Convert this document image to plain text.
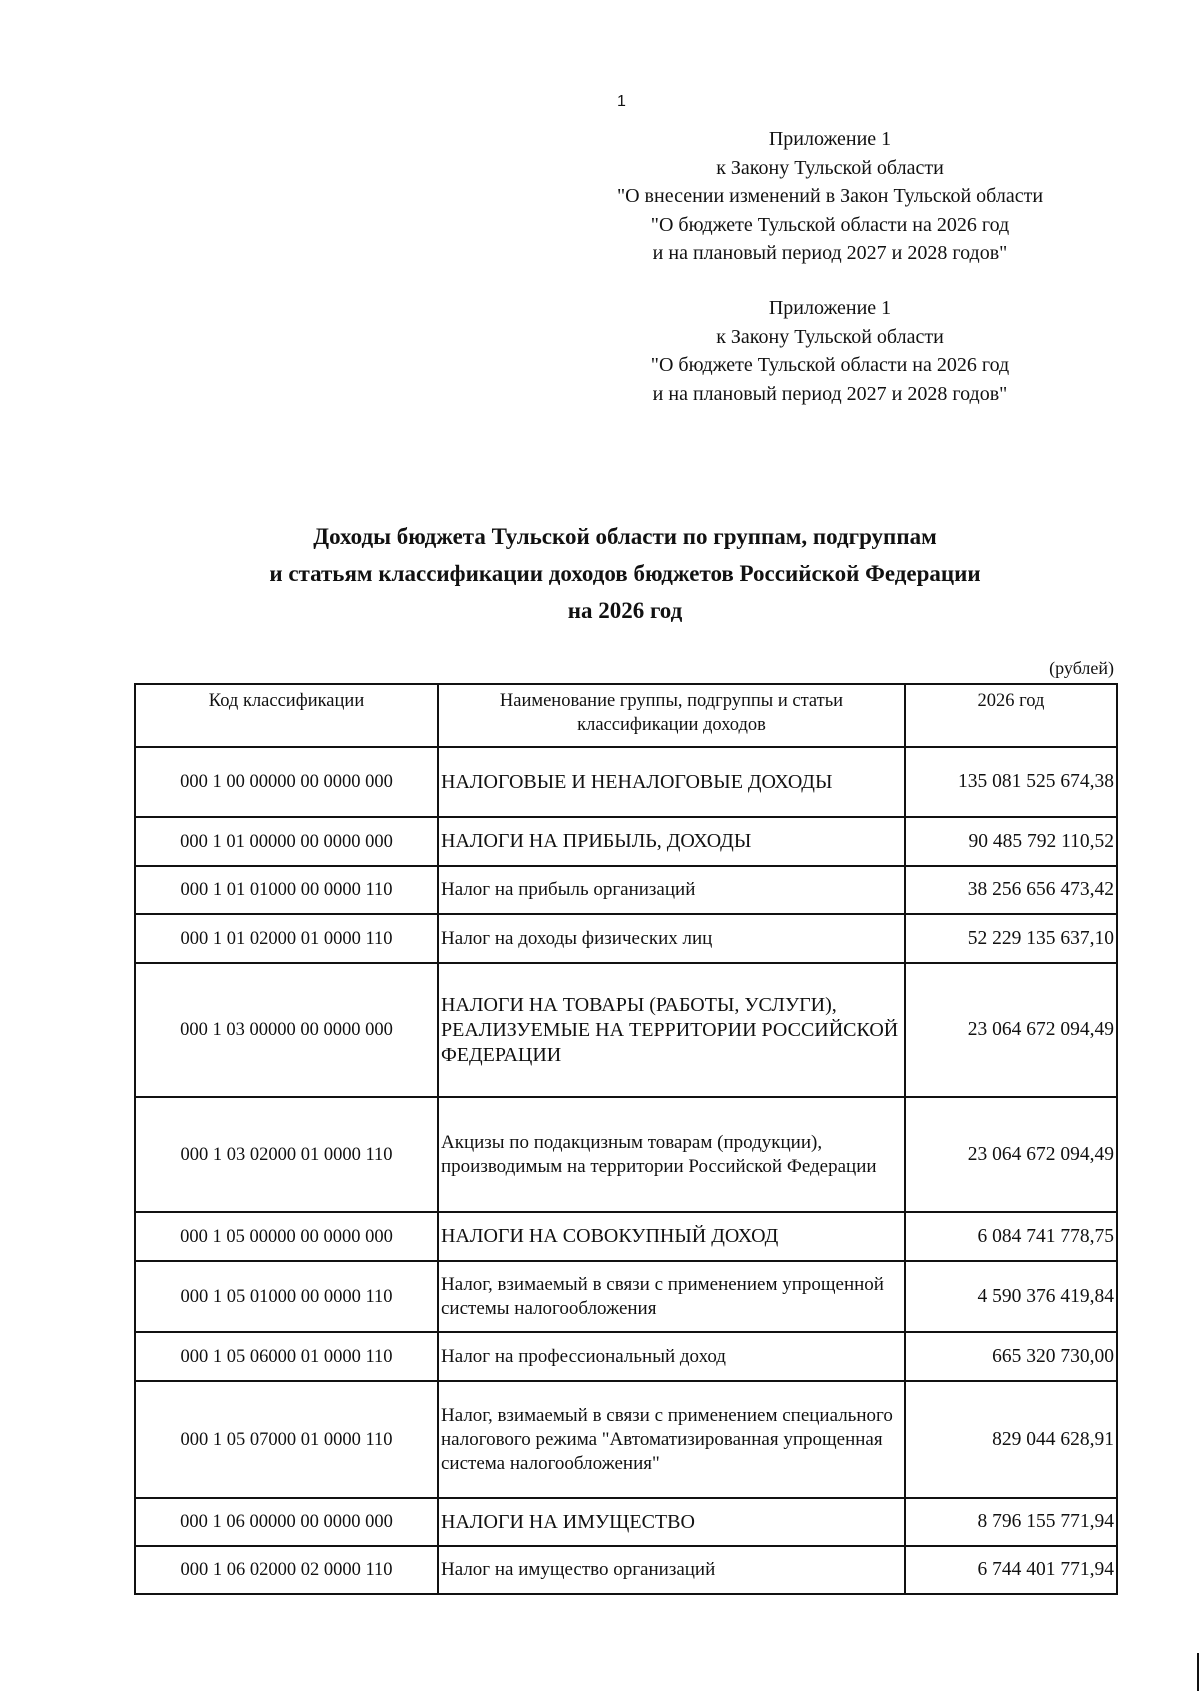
1
Приложение 1
к Закону Тульской области
"О внесении изменений в Закон Тульской области
"О бюджете Тульской области на 2026 год
и на плановый период 2027 и 2028 годов"
Приложение 1
к Закону Тульской области
"О бюджете Тульской области на 2026 год
и на плановый период 2027 и 2028 годов"
Доходы бюджета Тульской области по группам, подгруппам
и статьям классификации доходов бюджетов Российской Федерации
на 2026 год
(рублей)
Код классификации	Наименование группы, подгруппы и статьи классификации доходов	2026 год
000 1 00 00000 00 0000 000	НАЛОГОВЫЕ И НЕНАЛОГОВЫЕ ДОХОДЫ	135 081 525 674,38
000 1 01 00000 00 0000 000	НАЛОГИ НА ПРИБЫЛЬ, ДОХОДЫ	90 485 792 110,52
000 1 01 01000 00 0000 110	Налог на прибыль организаций	38 256 656 473,42
000 1 01 02000 01 0000 110	Налог на доходы физических лиц	52 229 135 637,10
000 1 03 00000 00 0000 000	НАЛОГИ НА ТОВАРЫ (РАБОТЫ, УСЛУГИ), РЕАЛИЗУЕМЫЕ НА ТЕРРИТОРИИ РОССИЙСКОЙ ФЕДЕРАЦИИ	23 064 672 094,49
000 1 03 02000 01 0000 110	Акцизы по подакцизным товарам (продукции), производимым на территории Российской Федерации	23 064 672 094,49
000 1 05 00000 00 0000 000	НАЛОГИ НА СОВОКУПНЫЙ ДОХОД	6 084 741 778,75
000 1 05 01000 00 0000 110	Налог, взимаемый в связи с применением упрощенной системы налогообложения	4 590 376 419,84
000 1 05 06000 01 0000 110	Налог на профессиональный доход	665 320 730,00
000 1 05 07000 01 0000 110	Налог, взимаемый в связи с применением специального налогового режима "Автоматизированная упрощенная система налогообложения"	829 044 628,91
000 1 06 00000 00 0000 000	НАЛОГИ НА ИМУЩЕСТВО	8 796 155 771,94
000 1 06 02000 02 0000 110	Налог на имущество организаций	6 744 401 771,94
